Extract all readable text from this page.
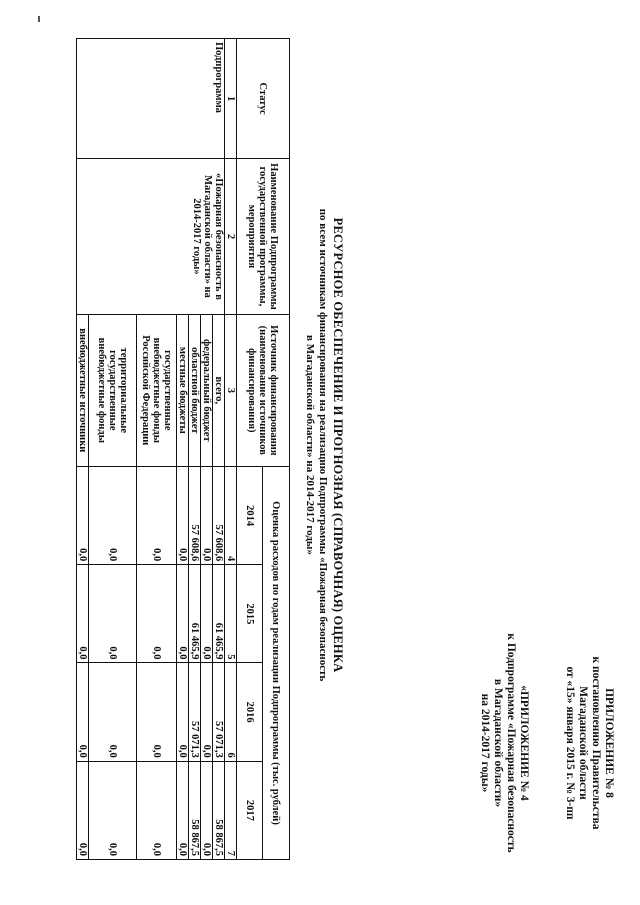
ПРИЛОЖЕНИЕ № 8
к постановлению Правительства
Магаданской области
от «15» января 2015 г. № 3-пп
«ПРИЛОЖЕНИЕ № 4
к Подпрограмме «Пожарная безопасность
в Магаданской области»
на 2014-2017 годы»
РЕСУРСНОЕ ОБЕСПЕЧЕНИЕ И ПРОГНОЗНАЯ (СПРАВОЧНАЯ) ОЦЕНКА
по всем источникам финансирования на реализацию Подпрограммы «Пожарная безопасность
в Магаданской области» на 2014-2017 годы»
Статус	Наименование Подпрограммы государственной программы, мероприятия	Источник финансирования (наименование источников финансирования)	Оценка расходов по годам реализации Подпрограммы (тыс. рублей)			
			2014	2015	2016	2017
1	2	3	4	5	6	7
Подпрограмма	«Пожарная безопасность в Магаданской области» на 2014-2017 годы»	всего,	57 608,6	61 465,9	57 071,3	58 867,5
		федеральный бюджет	0,0	0,0	0,0	0,0
		областной бюджет	57 608,6	61 465,9	57 071,3	58 867,5
		местные бюджеты	0,0	0,0	0,0	0,0
		государственные внебюджетные фонды Российской Федерации	0,0	0,0	0,0	0,0
		территориальные государственные внебюджетные фонды	0,0	0,0	0,0	0,0
		внебюджетные источники	0,0	0,0	0,0	0,0
